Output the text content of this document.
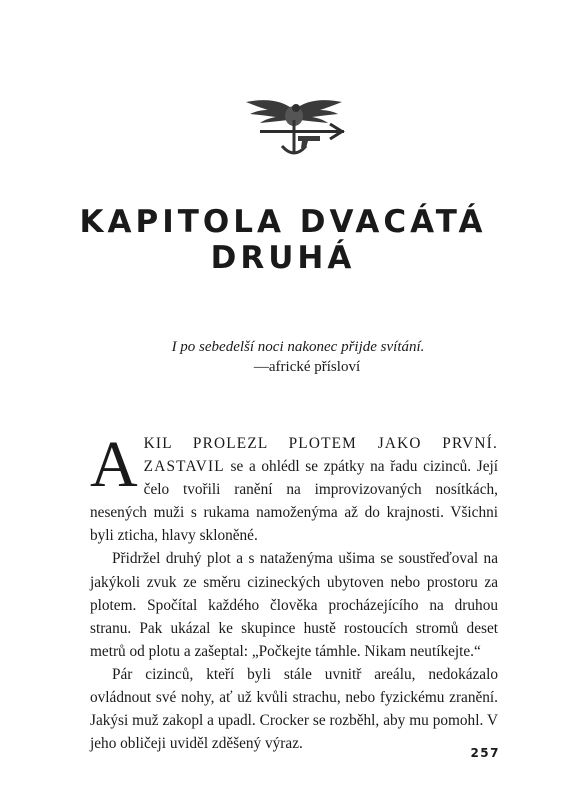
KAPITOLA DVACÁTÁ
DRUHÁ
I po sebedelší noci nakonec přijde svítání.
—africké přísloví

AKIL PROLEZL PLOTEM JAKO PRVNÍ. ZASTAVIL se a ohlédl se zpátky na řadu cizinců. Její čelo tvořili ranění na improvizovaných nosítkách, nesených muži s rukama namoženýma až do krajnosti. Všichni byli zticha, hlavy skloněné.

Přidržel druhý plot a s nataženýma ušima se soustřeďoval na jakýkoli zvuk ze směru cizineckých ubytoven nebo prostoru za plotem. Spočítal každého člověka procházejícího na druhou stranu. Pak ukázal ke skupince hustě rostoucích stromů deset metrů od plotu a zašeptal: „Počkejte támhle. Nikam neutíkejte.“

Pár cizinců, kteří byli stále uvnitř areálu, nedokázalo ovládnout své nohy, ať už kvůli strachu, nebo fyzickému zranění. Jakýsi muž zakopl a upadl. Crocker se rozběhl, aby mu pomohl. V jeho obličeji uviděl zděšený výraz.

257
